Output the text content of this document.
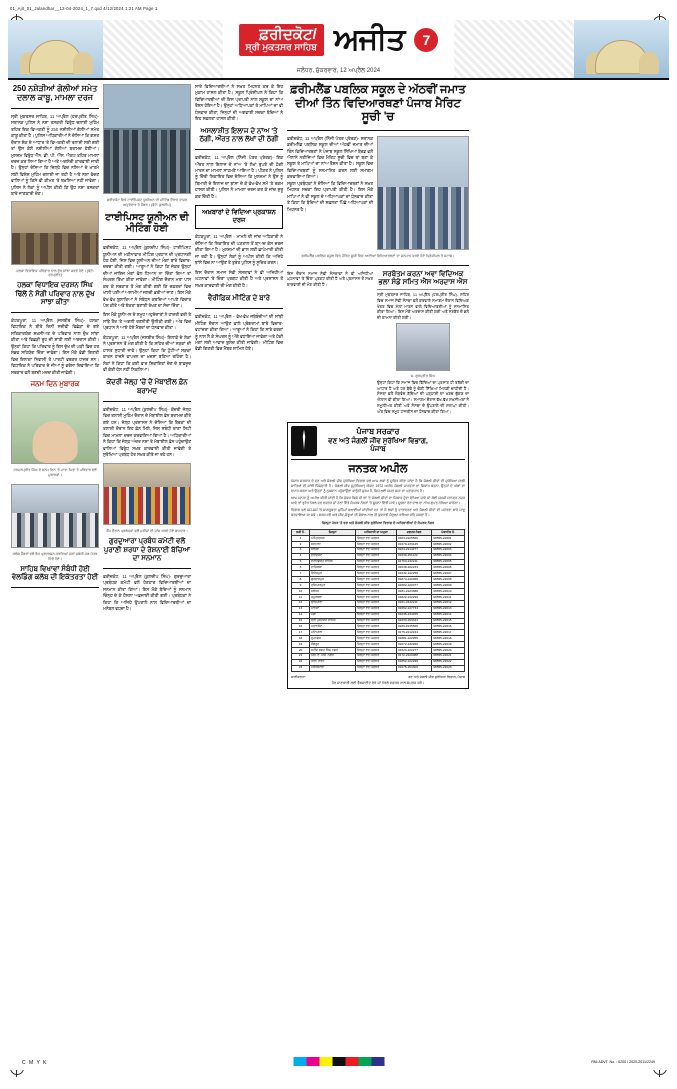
01_Ajit_01_Jalandhar__12-04-2024_1_7.qxd 4/12/2024 1:21 AM Page 1
ਫ਼ਰੀਦਕੋਟ/
ਸ੍ਰੀ ਮੁਕਤਸਰ ਸਾਹਿਬ ਅਜੀਤ	7
ਜਲੰਧਰ, ਸ਼ੁੱਕਰਵਾਰ, 12 ਅਪ੍ਰੈਲ 2024
250 ਨਸ਼ੇੜੀਆਂ ਗੋਲੀਆਂ ਸਮੇਤ ਦਲਾਲ ਕਾਬੂ, ਮਾਮਲਾ ਦਰਜ
ਸ੍ਰੀ ਮੁਕਤਸਰ ਸਾਹਿਬ, 11 ਅਪ੍ਰੈਲ (ਹਰਪ੍ਰੀਤ ਸਿੰਘ)- ਸਥਾਨਕ ਪੁਲਿਸ ਨੇ ਨਸ਼ਾ ਤਸਕਰੀ ਵਿਰੁੱਧ ਚਲਾਈ ਮੁਹਿੰਮ ਤਹਿਤ ਇਕ ਵਿਅਕਤੀ ਨੂੰ 250 ਨਸ਼ੀਲੀਆਂ ਗੋਲੀਆਂ ਸਮੇਤ ਕਾਬੂ ਕੀਤਾ ਹੈ। ਪੁਲਿਸ ਅਧਿਕਾਰੀਆਂ ਨੇ ਦੱਸਿਆ ਕਿ ਗਸ਼ਤ ਦੌਰਾਨ ਸ਼ੱਕ ਦੇ ਆਧਾਰ 'ਤੇ ਵਿਅਕਤੀ ਦੀ ਤਲਾਸ਼ੀ ਲਈ ਗਈ ਤਾਂ ਉਸ ਕੋਲੋਂ ਨਸ਼ੀਲੀਆਂ ਗੋਲੀਆਂ ਬਰਾਮਦ ਹੋਈਆਂ। ਮੁਲਜ਼ਮ ਵਿਰੁੱਧ ਐੱਨ. ਡੀ. ਪੀ. ਐੱਸ. ਐਕਟ ਤਹਿਤ ਮਾਮਲਾ ਦਰਜ ਕਰ ਲਿਆ ਗਿਆ ਹੈ ਅਤੇ ਅਗਲੇਰੀ ਕਾਰਵਾਈ ਜਾਰੀ ਹੈ। ਉਨ੍ਹਾਂ ਦੱਸਿਆ ਕਿ ਜ਼ਿਲ੍ਹੇ ਵਿਚ ਨਸ਼ਿਆਂ ਦੇ ਖ਼ਾਤਮੇ ਲਈ ਵਿਸ਼ੇਸ਼ ਮੁਹਿੰਮ ਚਲਾਈ ਜਾ ਰਹੀ ਹੈ ਅਤੇ ਨਸ਼ਾ ਵੇਚਣ ਵਾਲਿਆਂ ਨੂੰ ਕਿਸੇ ਵੀ ਕੀਮਤ 'ਤੇ ਬਖ਼ਸ਼ਿਆ ਨਹੀਂ ਜਾਵੇਗਾ। ਪੁਲਿਸ ਨੇ ਲੋਕਾਂ ਨੂੰ ਅਪੀਲ ਕੀਤੀ ਕਿ ਉਹ ਨਸ਼ਾ ਤਸਕਰਾਂ ਬਾਰੇ ਜਾਣਕਾਰੀ ਦੇਣ।
ਹਲਕਾ ਵਿਧਾਇਕ ਪਰਿਵਾਰ ਨਾਲ ਦੁੱਖ ਸਾਂਝਾ ਕਰਦੇ ਹੋਏ। (ਫੋਟੋ: ਹਰਪ੍ਰੀਤ)
ਹਲਕਾ ਵਿਧਾਇਕ ਦਰਸ਼ਨ ਸਿੰਘ ਢਿੱਲੋਂ ਨੇ ਸੋਗੀ ਪਰਿਵਾਰ ਨਾਲ ਦੁੱਖ ਸਾਂਝਾ ਕੀਤਾ
ਕੋਟਕਪੂਰਾ, 11 ਅਪ੍ਰੈਲ (ਜਸਬੀਰ ਸਿੰਘ)- ਹਲਕਾ ਵਿਧਾਇਕ ਨੇ ਬੀਤੇ ਦਿਨੀਂ ਸਦੀਵੀ ਵਿਛੋੜਾ ਦੇ ਗਏ ਸਤਿਕਾਰਯੋਗ ਸ਼ਖ਼ਸੀਅਤ ਦੇ ਪਰਿਵਾਰ ਨਾਲ ਦੁੱਖ ਸਾਂਝਾ ਕੀਤਾ ਅਤੇ ਵਿਛੜੀ ਰੂਹ ਦੀ ਸ਼ਾਂਤੀ ਲਈ ਅਰਦਾਸ ਕੀਤੀ। ਉਨ੍ਹਾਂ ਕਿਹਾ ਕਿ ਪਰਿਵਾਰ ਨੂੰ ਇਸ ਦੁੱਖ ਦੀ ਘੜੀ ਵਿਚ ਹਰ ਸੰਭਵ ਸਹਿਯੋਗ ਦਿੱਤਾ ਜਾਵੇਗਾ। ਇਸ ਮੌਕੇ ਵੱਡੀ ਗਿਣਤੀ ਵਿਚ ਇਲਾਕਾ ਨਿਵਾਸੀ ਤੇ ਪਾਰਟੀ ਵਰਕਰ ਹਾਜ਼ਰ ਸਨ। ਵਿਧਾਇਕ ਨੇ ਪਰਿਵਾਰ ਦੇ ਜੀਆਂ ਨੂੰ ਭਰੋਸਾ ਦਿਵਾਇਆ ਕਿ ਸਰਕਾਰ ਵਲੋਂ ਬਣਦੀ ਮਦਦ ਕੀਤੀ ਜਾਵੇਗੀ।
ਜਨਮ ਦਿਨ ਮੁਬਾਰਕ
ਹਰਮਨਪ੍ਰੀਤ ਸਿੰਘ ਦੇ ਜਨਮ ਦਿਨ 'ਤੇ ਮਾਤਾ-ਪਿਤਾ ਤੇ ਪਰਿਵਾਰ ਵਲੋਂ ਮੁਬਾਰਕਾਂ।
ਕਲੱਬ ਮੈਂਬਰਾਂ ਵਲੋਂ ਰੋਸ ਪ੍ਰਦਰਸ਼ਨ ਕਰਦਿਆਂ ਮੰਗਾਂ ਸਬੰਧੀ ਮੰਗ ਪੱਤਰ ਦਿੰਦੇ ਹੋਏ।
ਸਾਹਿਬ ਵਿਖਾਵਾਂ ਸੰਬੰਧੀ ਹੋਈ ਵੇਲਡਿੰਗ ਕਲੱਬ ਦੀ ਇਕੱਤਰਤਾ ਹੋਈ
ਫ਼ਰੀਦਕੋਟ ਵਿਖੇ ਟਾਈਪਿਸਟ ਯੂਨੀਅਨ ਦੀ ਮੀਟਿੰਗ ਦੌਰਾਨ ਹਾਜ਼ਰ ਅਹੁਦੇਦਾਰ ਤੇ ਮੈਂਬਰ। (ਫੋਟੋ: ਕੁਲਦੀਪ)
ਟਾਈਪਿਸਟ ਯੂਨੀਅਨ ਦੀ ਮੀਟਿੰਗ ਹੋਈ
ਫ਼ਰੀਦਕੋਟ, 11 ਅਪ੍ਰੈਲ (ਕੁਲਦੀਪ ਸਿੰਘ)- ਟਾਈਪਿਸਟ ਯੂਨੀਅਨ ਦੀ ਮਹੀਨਾਵਾਰ ਮੀਟਿੰਗ ਪ੍ਰਧਾਨ ਦੀ ਪ੍ਰਧਾਨਗੀ ਹੇਠ ਹੋਈ, ਜਿਸ ਵਿਚ ਯੂਨੀਅਨ ਦੀਆਂ ਮੰਗਾਂ ਬਾਰੇ ਵਿਚਾਰ-ਚਰਚਾ ਕੀਤੀ ਗਈ। ਆਗੂਆਂ ਨੇ ਕਿਹਾ ਕਿ ਜੇਕਰ ਉਨ੍ਹਾਂ ਦੀਆਂ ਜਾਇਜ਼ ਮੰਗਾਂ ਵੱਲ ਧਿਆਨ ਨਾ ਦਿੱਤਾ ਗਿਆ ਤਾਂ ਸੰਘਰਸ਼ ਤਿੱਖਾ ਕੀਤਾ ਜਾਵੇਗਾ। ਮੀਟਿੰਗ ਦੌਰਾਨ ਮਤਾ ਪਾਸ ਕਰ ਕੇ ਸਰਕਾਰ ਤੋਂ ਮੰਗ ਕੀਤੀ ਗਈ ਕਿ ਦਫ਼ਤਰਾਂ ਵਿਚ ਖਾਲੀ ਪਈਆਂ ਅਸਾਮੀਆਂ ਜਲਦੀ ਭਰੀਆਂ ਜਾਣ। ਇਸ ਮੌਕੇ ਵੱਖ-ਵੱਖ ਬੁਲਾਰਿਆਂ ਨੇ ਸੰਬੋਧਨ ਕਰਦਿਆਂ ਆਪਣੇ ਵਿਚਾਰ ਪੇਸ਼ ਕੀਤੇ ਅਤੇ ਏਕਤਾ ਬਣਾਈ ਰੱਖਣ ਦਾ ਸੱਦਾ ਦਿੱਤਾ।
ਇਸ ਮੌਕੇ ਯੂਨੀਅਨ ਦੇ ਸਮੂਹ ਅਹੁਦੇਦਾਰਾਂ ਨੇ ਹਾਜ਼ਰੀ ਭਰੀ ਤੇ ਸਾਂਝੇ ਤੌਰ 'ਤੇ ਅਗਲੀ ਰਣਨੀਤੀ ਉਲੀਕੀ ਗਈ। ਅੰਤ ਵਿਚ ਪ੍ਰਧਾਨ ਨੇ ਆਏ ਹੋਏ ਮੈਂਬਰਾਂ ਦਾ ਧੰਨਵਾਦ ਕੀਤਾ।
ਕੋਟਕਪੂਰਾ, 11 ਅਪ੍ਰੈਲ (ਜਸਬੀਰ ਸਿੰਘ)- ਇਲਾਕੇ ਦੇ ਲੋਕਾਂ ਨੇ ਪ੍ਰਸ਼ਾਸਨ ਤੋਂ ਮੰਗ ਕੀਤੀ ਹੈ ਕਿ ਸ਼ਹਿਰ ਦੀਆਂ ਸੜਕਾਂ ਦੀ ਹਾਲਤ ਸੁਧਾਰੀ ਜਾਵੇ। ਉਨ੍ਹਾਂ ਕਿਹਾ ਕਿ ਟੁੱਟੀਆਂ ਸੜਕਾਂ ਕਾਰਨ ਹਾਦਸੇ ਵਾਪਰਨ ਦਾ ਖ਼ਦਸ਼ਾ ਬਣਿਆ ਰਹਿੰਦਾ ਹੈ। ਲੋਕਾਂ ਨੇ ਕਿਹਾ ਕਿ ਕਈ ਵਾਰ ਸ਼ਿਕਾਇਤਾਂ ਦੇਣ ਦੇ ਬਾਵਜੂਦ ਵੀ ਕੋਈ ਹੱਲ ਨਹੀਂ ਨਿਕਲਿਆ।
ਕੇਂਦਰੀ ਜੇਲ੍ਹ 'ਚੋਂ ਦੋ ਮੋਬਾਈਲ ਫ਼ੋਨ ਬਰਾਮਦ
ਫ਼ਰੀਦਕੋਟ, 11 ਅਪ੍ਰੈਲ (ਕੁਲਦੀਪ ਸਿੰਘ)- ਕੇਂਦਰੀ ਜੇਲ੍ਹ ਵਿਚ ਤਲਾਸ਼ੀ ਮੁਹਿੰਮ ਦੌਰਾਨ ਦੋ ਮੋਬਾਈਲ ਫ਼ੋਨ ਬਰਾਮਦ ਕੀਤੇ ਗਏ ਹਨ। ਜੇਲ੍ਹ ਪ੍ਰਸ਼ਾਸਨ ਨੇ ਦੱਸਿਆ ਕਿ ਬੈਰਕਾਂ ਦੀ ਤਲਾਸ਼ੀ ਦੌਰਾਨ ਇਹ ਫ਼ੋਨ ਮਿਲੇ, ਜਿਸ ਸਬੰਧੀ ਥਾਣਾ ਸਿਟੀ ਵਿਚ ਮਾਮਲਾ ਦਰਜ ਕਰਵਾਇਆ ਗਿਆ ਹੈ। ਅਧਿਕਾਰੀਆਂ ਨੇ ਕਿਹਾ ਕਿ ਜੇਲ੍ਹ ਅੰਦਰ ਨਸ਼ਾ ਤੇ ਮੋਬਾਈਲ ਫ਼ੋਨ ਪਹੁੰਚਾਉਣ ਵਾਲਿਆਂ ਵਿਰੁੱਧ ਸਖ਼ਤ ਕਾਰਵਾਈ ਕੀਤੀ ਜਾਵੇਗੀ ਤੇ ਸੁਰੱਖਿਆ ਪ੍ਰਬੰਧ ਹੋਰ ਸਖ਼ਤ ਕੀਤੇ ਜਾ ਰਹੇ ਹਨ।
ਕੈਂਪ ਦੌਰਾਨ ਪ੍ਰਬੰਧਕਾਂ ਵਲੋਂ ਮਰੀਜ਼ਾਂ ਦੀ ਜਾਂਚ ਕਰਦੇ ਹੋਏ ਡਾਕਟਰ।
ਗੁਰਦੁਆਰਾ ਪ੍ਰਬੰਧ ਕਮੇਟੀ ਵਲੋਂ ਪੁਰਾਣੀ ਸ਼ਰਧਾ ਦੇ ਰੋਸ਼ਨਾਈ ਬੱਚਿਆਂ ਦਾ ਸਨਮਾਨ
ਫ਼ਰੀਦਕੋਟ, 11 ਅਪ੍ਰੈਲ (ਕੁਲਦੀਪ ਸਿੰਘ)- ਗੁਰਦੁਆਰਾ ਪ੍ਰਬੰਧਕ ਕਮੇਟੀ ਵਲੋਂ ਹੋਣਹਾਰ ਵਿਦਿਆਰਥੀਆਂ ਦਾ ਸਨਮਾਨ ਕੀਤਾ ਗਿਆ। ਇਸ ਮੌਕੇ ਬੱਚਿਆਂ ਨੂੰ ਸਨਮਾਨ ਚਿੰਨ੍ਹ ਦੇ ਕੇ ਹੌਸਲਾ ਅਫ਼ਜ਼ਾਈ ਕੀਤੀ ਗਈ। ਪ੍ਰਬੰਧਕਾਂ ਨੇ ਕਿਹਾ ਕਿ ਅਜਿਹੇ ਉਪਰਾਲੇ ਨਾਲ ਵਿਦਿਆਰਥੀਆਂ ਦਾ ਮਨੋਬਲ ਵਧਦਾ ਹੈ।
ਸਾਰੇ ਵਿਦਿਆਰਥੀਆਂ ਨੇ ਸਖ਼ਤ ਮਿਹਨਤ ਕਰ ਕੇ ਇਹ ਮੁਕਾਮ ਹਾਸਲ ਕੀਤਾ ਹੈ। ਸਕੂਲ ਪ੍ਰਿੰਸੀਪਲ ਨੇ ਕਿਹਾ ਕਿ ਵਿਦਿਆਰਥੀਆਂ ਦੀ ਇਸ ਪ੍ਰਾਪਤੀ ਨਾਲ ਸਕੂਲ ਦਾ ਨਾਂਅ ਰੌਸ਼ਨ ਹੋਇਆ ਹੈ। ਉਨ੍ਹਾਂ ਅਧਿਆਪਕਾਂ ਤੇ ਮਾਪਿਆਂ ਦਾ ਵੀ ਧੰਨਵਾਦ ਕੀਤਾ, ਜਿਨ੍ਹਾਂ ਦੀ ਅਗਵਾਈ ਸਦਕਾ ਬੱਚਿਆਂ ਨੇ ਇਹ ਸਫ਼ਲਤਾ ਹਾਸਲ ਕੀਤੀ।
ਅਸਲਾਸ਼ੀਤ ਇਲਾਜ ਦੇ ਨਾਂਅ 'ਤੇ ਠੱਗੀ, ਔਰਤ ਨਾਲ ਲੱਖਾਂ ਦੀ ਠੱਗੀ
ਫ਼ਰੀਦਕੋਟ, 11 ਅਪ੍ਰੈਲ (ਨਿੱਜੀ ਪੱਤਰ ਪ੍ਰੇਰਕ)- ਇਕ ਔਰਤ ਨਾਲ ਇਲਾਜ ਦੇ ਨਾਂਅ 'ਤੇ ਲੱਖਾਂ ਰੁਪਏ ਦੀ ਠੱਗੀ ਮਾਰਨ ਦਾ ਮਾਮਲਾ ਸਾਹਮਣੇ ਆਇਆ ਹੈ। ਪੀੜਤ ਨੇ ਪੁਲਿਸ ਨੂੰ ਦਿੱਤੀ ਸ਼ਿਕਾਇਤ ਵਿਚ ਦੱਸਿਆ ਕਿ ਮੁਲਜ਼ਮਾਂ ਨੇ ਉਸ ਨੂੰ ਬਿਮਾਰੀ ਦੇ ਇਲਾਜ ਦਾ ਝਾਂਸਾ ਦੇ ਕੇ ਵੱਖ-ਵੱਖ ਸਮੇਂ 'ਤੇ ਰਕਮ ਹਾਸਲ ਕੀਤੀ। ਪੁਲਿਸ ਨੇ ਮਾਮਲਾ ਦਰਜ ਕਰ ਕੇ ਜਾਂਚ ਸ਼ੁਰੂ ਕਰ ਦਿੱਤੀ ਹੈ।
ਅਖ਼ਬਾਰਾਂ ਦੇ ਵਿਦਿਆ ਪ੍ਰਕਾਸ਼ਨ ਦਰਜ
ਕੋਟਕਪੂਰਾ, 11 ਅਪ੍ਰੈਲ - ਮਾਮਲੇ ਦੀ ਜਾਂਚ ਅਧਿਕਾਰੀ ਨੇ ਦੱਸਿਆ ਕਿ ਸ਼ਿਕਾਇਤ ਦੀ ਪੜਤਾਲ ਤੋਂ ਬਾਅਦ ਕੇਸ ਦਰਜ ਕੀਤਾ ਗਿਆ ਹੈ। ਮੁਲਜ਼ਮਾਂ ਦੀ ਭਾਲ ਲਈ ਛਾਪੇਮਾਰੀ ਕੀਤੀ ਜਾ ਰਹੀ ਹੈ। ਉਨ੍ਹਾਂ ਲੋਕਾਂ ਨੂੰ ਅਪੀਲ ਕੀਤੀ ਕਿ ਅਜਿਹੇ ਝਾਂਸੇ ਵਿਚ ਨਾ ਆਉਣ ਤੇ ਤੁਰੰਤ ਪੁਲਿਸ ਨੂੰ ਸੂਚਿਤ ਕਰਨ।
ਇਸ ਦੌਰਾਨ ਸਮਾਜ ਸੇਵੀ ਸੰਸਥਾਵਾਂ ਨੇ ਵੀ ਅਜਿਹੀਆਂ ਘਟਨਾਵਾਂ 'ਤੇ ਚਿੰਤਾ ਪ੍ਰਗਟ ਕੀਤੀ ਹੈ ਅਤੇ ਪ੍ਰਸ਼ਾਸਨ ਤੋਂ ਸਖ਼ਤ ਕਾਰਵਾਈ ਦੀ ਮੰਗ ਕੀਤੀ ਹੈ।
ਵੈਰੀਫ਼ਿਕ ਮੀਟਿੰਗ ਦੇ ਬਾਰੇ
ਫ਼ਰੀਦਕੋਟ, 11 ਅਪ੍ਰੈਲ - ਵੱਖ-ਵੱਖ ਜਥੇਬੰਦੀਆਂ ਦੀ ਸਾਂਝੀ ਮੀਟਿੰਗ ਦੌਰਾਨ ਆਉਣ ਵਾਲੇ ਪ੍ਰੋਗਰਾਮਾਂ ਬਾਰੇ ਵਿਚਾਰ-ਵਟਾਂਦਰਾ ਕੀਤਾ ਗਿਆ। ਆਗੂਆਂ ਨੇ ਕਿਹਾ ਕਿ ਸਾਰੇ ਵਰਗਾਂ ਨੂੰ ਨਾਲ ਲੈ ਕੇ ਸੰਘਰਸ਼ ਨੂੰ ਅੱਗੇ ਵਧਾਇਆ ਜਾਵੇਗਾ ਅਤੇ ਹੱਕੀ ਮੰਗਾਂ ਲਈ ਆਵਾਜ਼ ਬੁਲੰਦ ਕੀਤੀ ਜਾਵੇਗੀ। ਮੀਟਿੰਗ ਵਿਚ ਵੱਡੀ ਗਿਣਤੀ ਵਿਚ ਮੈਂਬਰ ਸ਼ਾਮਿਲ ਹੋਏ।
ਫ਼ਰੀਮਲੈਂਡ ਪਬਲਿਕ ਸਕੂਲ ਦੇ ਅੱਠਵੀਂ ਜਮਾਤ ਦੀਆਂ ਤਿੰਨ ਵਿਦਿਆਰਥਣਾਂ ਪੰਜਾਬ ਮੈਰਿਟ ਸੂਚੀ 'ਚ
ਫ਼ਰੀਦਕੋਟ, 11 ਅਪ੍ਰੈਲ (ਨਿੱਜੀ ਪੱਤਰ ਪ੍ਰੇਰਕ)- ਸਥਾਨਕ ਡਰੀਮਲੈਂਡ ਪਬਲਿਕ ਸਕੂਲ ਦੀਆਂ ਅੱਠਵੀਂ ਜਮਾਤ ਦੀਆਂ ਤਿੰਨ ਵਿਦਿਆਰਥਣਾਂ ਨੇ ਪੰਜਾਬ ਸਕੂਲ ਸਿੱਖਿਆ ਬੋਰਡ ਵਲੋਂ ਐਲਾਨੇ ਨਤੀਜਿਆਂ ਵਿਚ ਮੈਰਿਟ ਸੂਚੀ ਵਿਚ ਥਾਂ ਬਣਾ ਕੇ ਸਕੂਲ ਤੇ ਮਾਪਿਆਂ ਦਾ ਨਾਂਅ ਰੌਸ਼ਨ ਕੀਤਾ ਹੈ। ਸਕੂਲ ਵਿਚ ਵਿਦਿਆਰਥਣਾਂ ਨੂੰ ਸਨਮਾਨਿਤ ਕਰਨ ਲਈ ਸਮਾਗਮ ਕਰਵਾਇਆ ਗਿਆ।
ਸਕੂਲ ਪ੍ਰਬੰਧਕਾਂ ਨੇ ਦੱਸਿਆ ਕਿ ਵਿਦਿਆਰਥਣਾਂ ਨੇ ਸਖ਼ਤ ਮਿਹਨਤ ਸਦਕਾ ਇਹ ਪ੍ਰਾਪਤੀ ਕੀਤੀ ਹੈ। ਇਸ ਮੌਕੇ ਮਾਪਿਆਂ ਨੇ ਵੀ ਸਕੂਲ ਦੇ ਅਧਿਆਪਕਾਂ ਦਾ ਧੰਨਵਾਦ ਕੀਤਾ ਤੇ ਕਿਹਾ ਕਿ ਬੱਚਿਆਂ ਦੀ ਸਫ਼ਲਤਾ ਪਿੱਛੇ ਅਧਿਆਪਕਾਂ ਦੀ ਮਿਹਨਤ ਹੈ।
ਡਰੀਮਲੈਂਡ ਪਬਲਿਕ ਸਕੂਲ ਵਿਖੇ ਮੈਰਿਟ ਸੂਚੀ ਵਿਚ ਆਈਆਂ ਵਿਦਿਆਰਥਣਾਂ ਦਾ ਸਨਮਾਨ ਕਰਦੇ ਹੋਏ ਪ੍ਰਿੰਸੀਪਲ ਤੇ ਸਟਾਫ਼।
ਇਸ ਦੌਰਾਨ ਸਮਾਜ ਸੇਵੀ ਸੰਸਥਾਵਾਂ ਨੇ ਵੀ ਅਜਿਹੀਆਂ ਘਟਨਾਵਾਂ 'ਤੇ ਚਿੰਤਾ ਪ੍ਰਗਟ ਕੀਤੀ ਹੈ ਅਤੇ ਪ੍ਰਸ਼ਾਸਨ ਤੋਂ ਸਖ਼ਤ ਕਾਰਵਾਈ ਦੀ ਮੰਗ ਕੀਤੀ ਹੈ।
ਸਰਬੋਤਮ ਕਰਨਾ ਅਵਾ ਵਿਦਿਅਕ ਭਲਾ ਸੰਡੇ ਸਮਿਤ ਐਂਸ ਅਰਦਾਸ ਐਸ
ਸ੍ਰੀ ਮੁਕਤਸਰ ਸਾਹਿਬ, 11 ਅਪ੍ਰੈਲ (ਹਰਪ੍ਰੀਤ ਸਿੰਘ)- ਸ਼ਹਿਰ ਵਿਚ ਸਮਾਜ ਸੇਵੀ ਸੰਸਥਾ ਵਲੋਂ ਕਰਵਾਏ ਸਮਾਗਮ ਦੌਰਾਨ ਵਿਦਿਅਕ ਖੇਤਰ ਵਿਚ ਮੱਲਾਂ ਮਾਰਨ ਵਾਲੇ ਵਿਦਿਆਰਥੀਆਂ ਨੂੰ ਸਨਮਾਨਿਤ ਕੀਤਾ ਗਿਆ। ਇਸ ਮੌਕੇ ਅਰਦਾਸ ਕੀਤੀ ਗਈ ਅਤੇ ਸਰਬੱਤ ਦੇ ਭਲੇ ਦੀ ਕਾਮਨਾ ਕੀਤੀ ਗਈ।
ਸ. ਗੁਰਪ੍ਰੀਤ ਸਿੰਘ
ਉਨ੍ਹਾਂ ਕਿਹਾ ਕਿ ਸਮਾਜ ਵਿਚ ਵਿੱਦਿਆ ਦਾ ਪ੍ਰਸਾਰ ਹੀ ਤਰੱਕੀ ਦਾ ਆਧਾਰ ਹੈ ਅਤੇ ਹਰ ਬੱਚੇ ਨੂੰ ਚੰਗੀ ਸਿੱਖਿਆ ਮਿਲਣੀ ਚਾਹੀਦੀ ਹੈ। ਸੰਸਥਾ ਵਲੋਂ ਲੋੜਵੰਦ ਬੱਚਿਆਂ ਦੀ ਪੜ੍ਹਾਈ ਦਾ ਖ਼ਰਚ ਚੁੱਕਣ ਦਾ ਐਲਾਨ ਵੀ ਕੀਤਾ ਗਿਆ। ਸਮਾਗਮ ਦੌਰਾਨ ਵੱਖ-ਵੱਖ ਸ਼ਖ਼ਸੀਅਤਾਂ ਨੇ ਸ਼ਮੂਲੀਅਤ ਕੀਤੀ ਅਤੇ ਸੰਸਥਾ ਦੇ ਉਪਰਾਲੇ ਦੀ ਸ਼ਲਾਘਾ ਕੀਤੀ। ਅੰਤ ਵਿਚ ਸਮੂਹ ਹਾਜ਼ਰੀਨ ਦਾ ਧੰਨਵਾਦ ਕੀਤਾ ਗਿਆ।
ਪੰਜਾਬ ਸਰਕਾਰ
ਵਣ ਅਤੇ ਜੰਗਲੀ ਜੀਵ ਸੁਰੱਖਿਆ ਵਿਭਾਗ, ਪੰਜਾਬ
ਜਨਤਕ ਅਪੀਲ
ਪੰਜਾਬ ਸਰਕਾਰ ਦੇ ਵਣ ਅਤੇ ਜੰਗਲੀ ਜੀਵ ਸੁਰੱਖਿਆ ਵਿਭਾਗ ਵਲੋਂ ਆਮ ਲੋਕਾਂ ਨੂੰ ਸੂਚਿਤ ਕੀਤਾ ਜਾਂਦਾ ਹੈ ਕਿ ਜੰਗਲੀ ਜੀਵਾਂ ਦੀ ਸੁਰੱਖਿਆ ਸਾਡੀ ਸਾਰਿਆਂ ਦੀ ਸਾਂਝੀ ਜ਼ਿੰਮੇਵਾਰੀ ਹੈ। ਜੰਗਲੀ ਜੀਵ (ਸੁਰੱਖਿਆ) ਐਕਟ 1972 ਅਧੀਨ ਜੰਗਲੀ ਜਾਨਵਰਾਂ ਦਾ ਸ਼ਿਕਾਰ ਕਰਨਾ, ਉਨ੍ਹਾਂ ਦੇ ਅੰਗਾਂ ਦਾ ਵਪਾਰ ਕਰਨਾ ਅਤੇ ਉਨ੍ਹਾਂ ਨੂੰ ਨੁਕਸਾਨ ਪਹੁੰਚਾਉਣਾ ਕਾਨੂੰਨੀ ਜੁਰਮ ਹੈ, ਜਿਸ ਲਈ ਸਖ਼ਤ ਸਜ਼ਾ ਦਾ ਪ੍ਰਾਵਧਾਨ ਹੈ।
ਆਮ ਜਨਤਾ ਨੂੰ ਅਪੀਲ ਕੀਤੀ ਜਾਂਦੀ ਹੈ ਕਿ ਜੇਕਰ ਕਿਸੇ ਵੀ ਥਾਂ 'ਤੇ ਜੰਗਲੀ ਜੀਵਾਂ ਦਾ ਸ਼ਿਕਾਰ ਹੁੰਦਾ ਵੇਖਿਆ ਜਾਵੇ ਜਾਂ ਕੋਈ ਜ਼ਖ਼ਮੀ ਜਾਨਵਰ ਨਜ਼ਰ ਆਵੇ ਤਾਂ ਤੁਰੰਤ ਨੇੜਲੇ ਵਣ ਦਫ਼ਤਰ ਜਾਂ ਹੇਠਾਂ ਦਿੱਤੇ ਸੰਪਰਕ ਨੰਬਰਾਂ 'ਤੇ ਸੂਚਨਾ ਦਿੱਤੀ ਜਾਵੇ। ਸੂਚਨਾ ਦੇਣ ਵਾਲੇ ਦਾ ਨਾਂਅ ਗੁਪਤ ਰੱਖਿਆ ਜਾਵੇਗਾ।
ਵਿਭਾਗ ਵਲੋਂ ਸਮੇਂ-ਸਮੇਂ 'ਤੇ ਜਾਗਰੂਕਤਾ ਮੁਹਿੰਮਾਂ ਚਲਾਈਆਂ ਜਾਂਦੀਆਂ ਹਨ ਤਾਂ ਜੋ ਲੋਕਾਂ ਨੂੰ ਵਾਤਾਵਰਣ ਅਤੇ ਜੰਗਲੀ ਜੀਵਾਂ ਦੀ ਮਹੱਤਤਾ ਬਾਰੇ ਜਾਣੂ ਕਰਵਾਇਆ ਜਾ ਸਕੇ। ਬਨਸਪਤੀ ਅਤੇ ਜੀਵ-ਜੰਤੂਆਂ ਦੀ ਸੰਭਾਲ ਨਾਲ ਹੀ ਕੁਦਰਤੀ ਸੰਤੁਲਨ ਬਣਿਆ ਰਹਿ ਸਕਦਾ ਹੈ।
ਜ਼ਿਲ੍ਹਾ ਪੱਧਰ 'ਤੇ ਵਣ ਅਤੇ ਜੰਗਲੀ ਜੀਵ ਸੁਰੱਖਿਆ ਵਿਭਾਗ ਦੇ ਅਧਿਕਾਰੀਆਂ ਦੇ ਸੰਪਰਕ ਨੰਬਰ
ਲੜੀ ਨੰ.	ਜ਼ਿਲ੍ਹਾ	ਅਧਿਕਾਰੀ ਦਾ ਅਹੁਦਾ	ਦਫ਼ਤਰ ਨੰਬਰ	ਮੋਬਾਈਲ ਨੰ.
1	ਅੰਮ੍ਰਿਤਸਰ	ਜ਼ਿਲ੍ਹਾ ਵਣ ਅਫ਼ਸਰ	0183-2225566	98555-22001
2	ਬਰਨਾਲਾ	ਜ਼ਿਲ੍ਹਾ ਵਣ ਅਫ਼ਸਰ	01679-233445	98555-22002
3	ਬਠਿੰਡਾ	ਜ਼ਿਲ੍ਹਾ ਵਣ ਅਫ਼ਸਰ	0164-2214477	98555-22003
4	ਫ਼ਰੀਦਕੋਟ	ਜ਼ਿਲ੍ਹਾ ਵਣ ਅਫ਼ਸਰ	01639-251122	98555-22004
5	ਫ਼ਤਹਿਗੜ੍ਹ ਸਾਹਿਬ	ਜ਼ਿਲ੍ਹਾ ਵਣ ਅਫ਼ਸਰ	01763-232211	98555-22005
6	ਫ਼ਾਜ਼ਿਲਕਾ	ਜ਼ਿਲ੍ਹਾ ਵਣ ਅਫ਼ਸਰ	01638-262233	98555-22006
7	ਫ਼ਿਰੋਜ਼ਪੁਰ	ਜ਼ਿਲ੍ਹਾ ਵਣ ਅਫ਼ਸਰ	01632-242255	98555-22007
8	ਗੁਰਦਾਸਪੁਰ	ਜ਼ਿਲ੍ਹਾ ਵਣ ਅਫ਼ਸਰ	01874-240066	98555-22008
9	ਹੁਸ਼ਿਆਰਪੁਰ	ਜ਼ਿਲ੍ਹਾ ਵਣ ਅਫ਼ਸਰ	01882-220077	98555-22009
10	ਜਲੰਧਰ	ਜ਼ਿਲ੍ਹਾ ਵਣ ਅਫ਼ਸਰ	0181-2223388	98555-22010
11	ਕਪੂਰਥਲਾ	ਜ਼ਿਲ੍ਹਾ ਵਣ ਅਫ਼ਸਰ	01822-232299	98555-22011
12	ਲੁਧਿਆਣਾ	ਜ਼ਿਲ੍ਹਾ ਵਣ ਅਫ਼ਸਰ	0161-2442211	98555-22012
13	ਮਾਨਸਾ	ਜ਼ਿਲ੍ਹਾ ਵਣ ਅਫ਼ਸਰ	01652-227733	98555-22013
14	ਮੋਗਾ	ਜ਼ਿਲ੍ਹਾ ਵਣ ਅਫ਼ਸਰ	01636-234455	98555-22014
15	ਸ੍ਰੀ ਮੁਕਤਸਰ ਸਾਹਿਬ	ਜ਼ਿਲ੍ਹਾ ਵਣ ਅਫ਼ਸਰ	01633-263344	98555-22015
16	ਪਠਾਨਕੋਟ	ਜ਼ਿਲ੍ਹਾ ਵਣ ਅਫ਼ਸਰ	0186-2235566	98555-22016
17	ਪਟਿਆਲਾ	ਜ਼ਿਲ੍ਹਾ ਵਣ ਅਫ਼ਸਰ	0175-2212244	98555-22017
18	ਰੂਪਨਗਰ	ਜ਼ਿਲ੍ਹਾ ਵਣ ਅਫ਼ਸਰ	01881-222255	98555-22018
19	ਸੰਗਰੂਰ	ਜ਼ਿਲ੍ਹਾ ਵਣ ਅਫ਼ਸਰ	01672-232266	98555-22019
20	ਸ਼ਹੀਦ ਭਗਤ ਸਿੰਘ ਨਗਰ	ਜ਼ਿਲ੍ਹਾ ਵਣ ਅਫ਼ਸਰ	01823-222277	98555-22020
21	ਐੱਸ. ਏ. ਐੱਸ. ਨਗਰ	ਜ਼ਿਲ੍ਹਾ ਵਣ ਅਫ਼ਸਰ	0172-2220088	98555-22021
22	ਤਰਨ ਤਾਰਨ	ਜ਼ਿਲ੍ਹਾ ਵਣ ਅਫ਼ਸਰ	01852-222299	98555-22022
23	ਮਲੇਰਕੋਟਲਾ	ਜ਼ਿਲ੍ਹਾ ਵਣ ਅਫ਼ਸਰ	01675-253300	98555-22023
ਜਾਰੀਕਰਤਾ:	ਵਣ ਅਤੇ ਜੰਗਲੀ ਜੀਵ ਸੁਰੱਖਿਆ ਵਿਭਾਗ, ਪੰਜਾਬ
ਹੋਰ ਜਾਣਕਾਰੀ ਲਈ ਵੈੱਬਸਾਈਟ ਵੇਖੋ ਜਾਂ ਨੇੜਲੇ ਦਫ਼ਤਰ ਨਾਲ ਸੰਪਰਕ ਕਰੋ।
C M Y K	RNI ADVT. No. : 0200 / 2020-2011/2249
